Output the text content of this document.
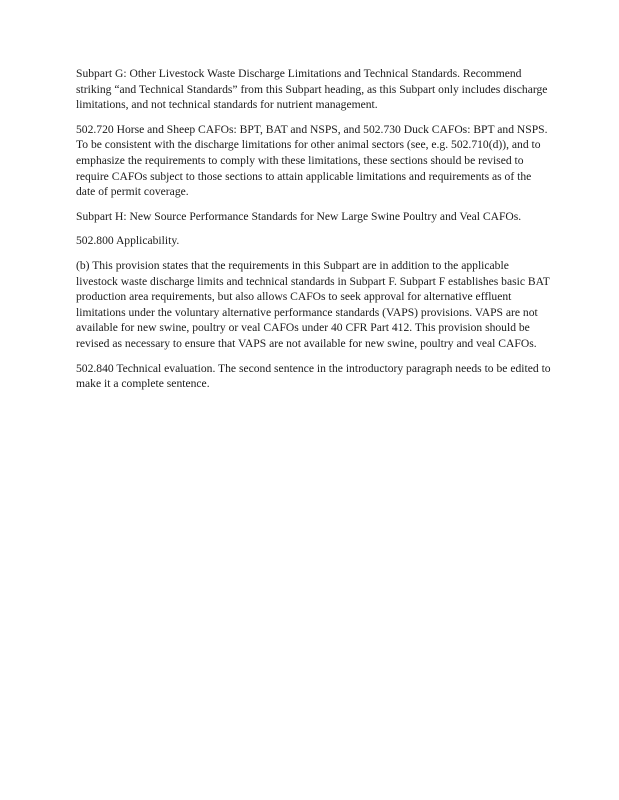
Subpart G: Other Livestock Waste Discharge Limitations and Technical Standards. Recommend striking “and Technical Standards” from this Subpart heading, as this Subpart only includes discharge limitations, and not technical standards for nutrient management.

502.720 Horse and Sheep CAFOs: BPT, BAT and NSPS, and 502.730 Duck CAFOs: BPT and NSPS. To be consistent with the discharge limitations for other animal sectors (see, e.g. 502.710(d)), and to emphasize the requirements to comply with these limitations, these sections should be revised to require CAFOs subject to those sections to attain applicable limitations and requirements as of the date of permit coverage.

Subpart H: New Source Performance Standards for New Large Swine Poultry and Veal CAFOs.

502.800 Applicability.

(b) This provision states that the requirements in this Subpart are in addition to the applicable livestock waste discharge limits and technical standards in Subpart F. Subpart F establishes basic BAT production area requirements, but also allows CAFOs to seek approval for alternative effluent limitations under the voluntary alternative performance standards (VAPS) provisions. VAPS are not available for new swine, poultry or veal CAFOs under 40 CFR Part 412. This provision should be revised as necessary to ensure that VAPS are not available for new swine, poultry and veal CAFOs.

502.840 Technical evaluation. The second sentence in the introductory paragraph needs to be edited to make it a complete sentence.
